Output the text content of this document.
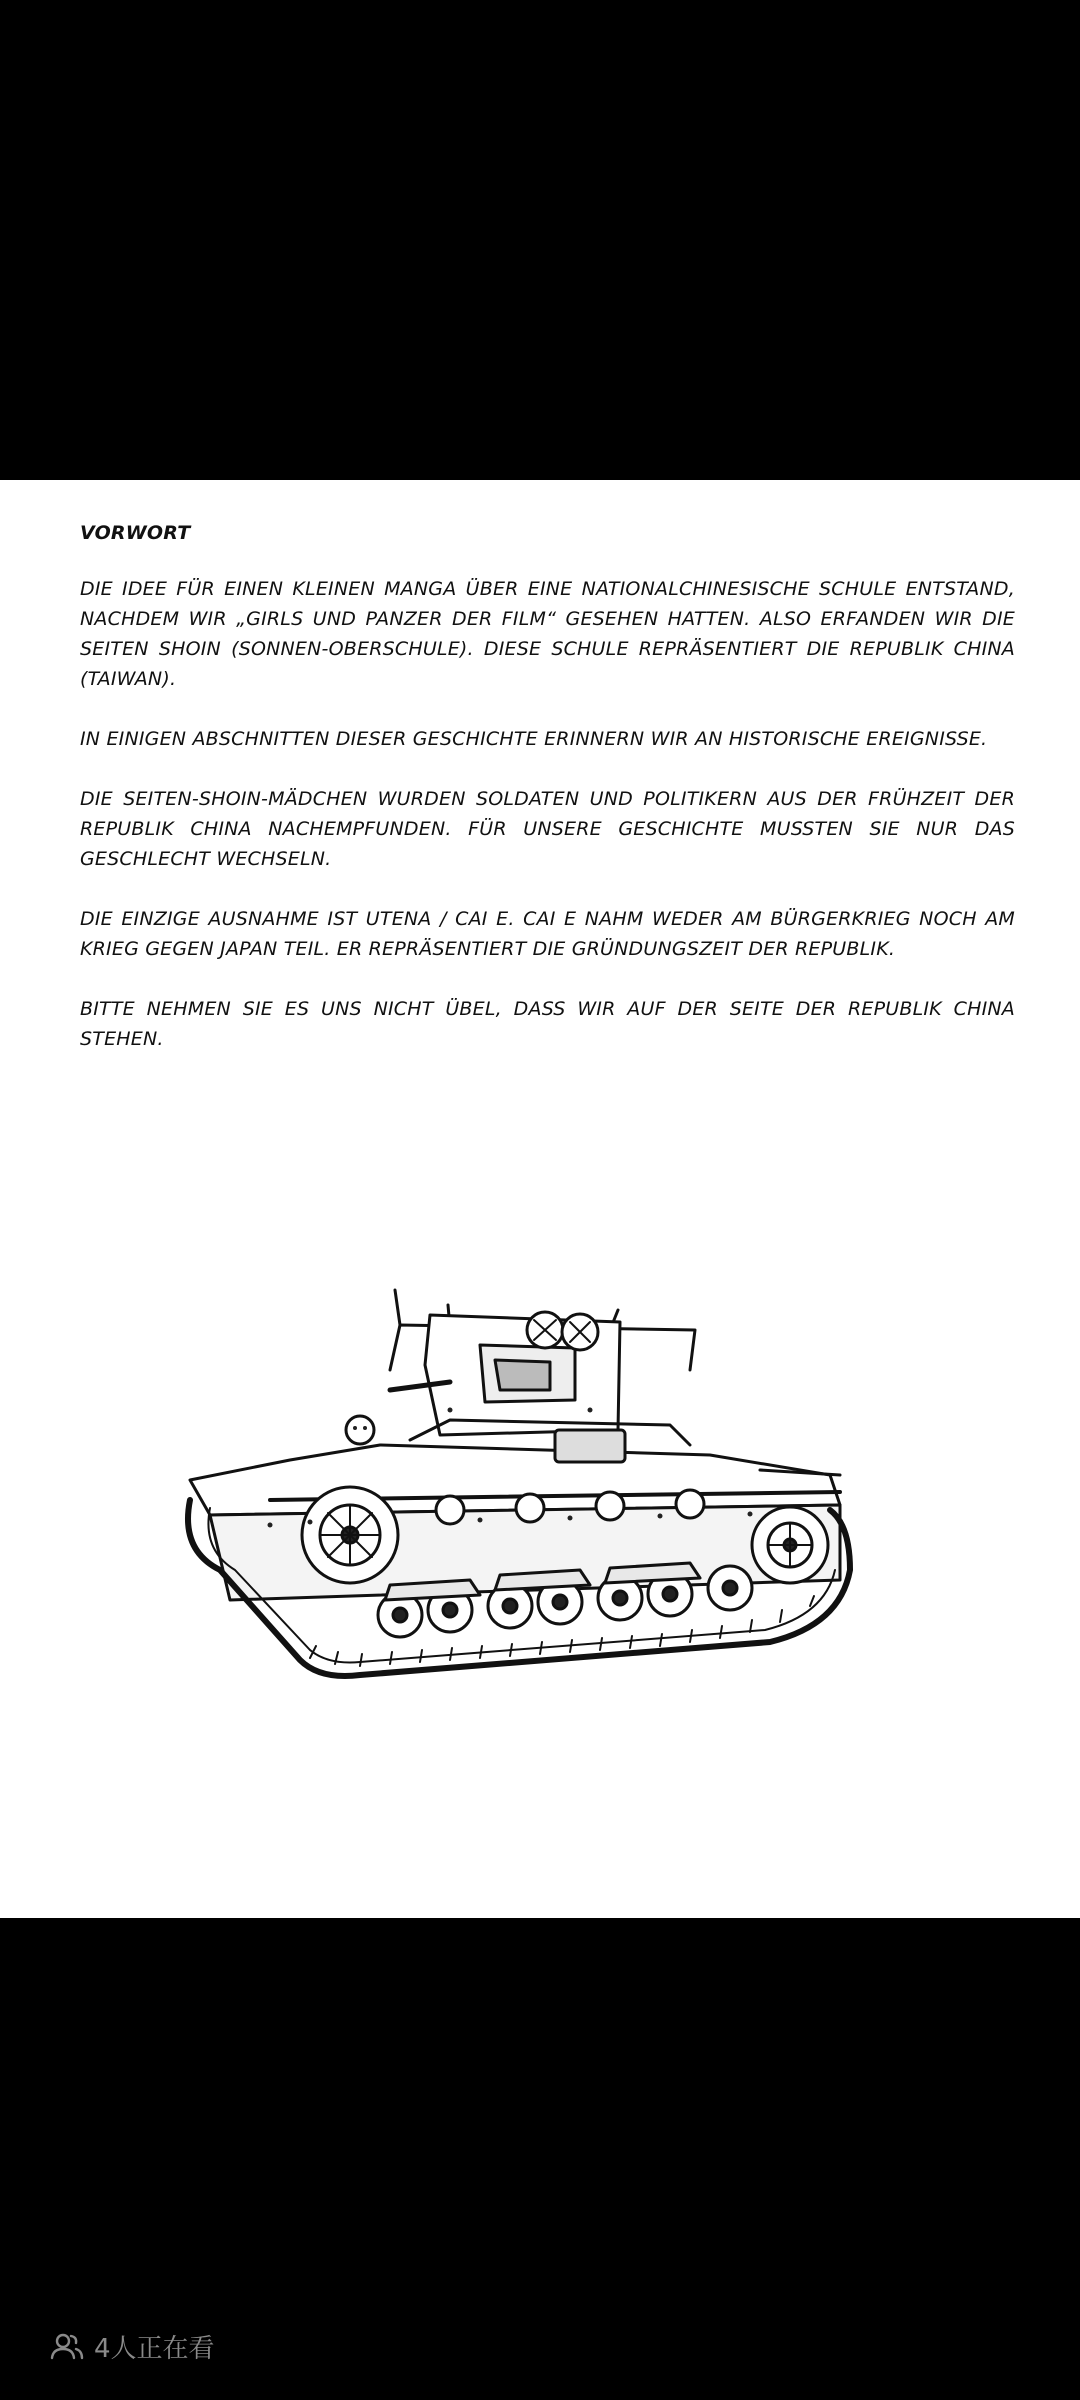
VORWORT

DIE IDEE FÜR EINEN KLEINEN MANGA ÜBER EINE NATIONALCHINESISCHE SCHULE ENTSTAND, NACHDEM WIR „GIRLS UND PANZER DER FILM“ GESEHEN HATTEN. ALSO ERFANDEN WIR DIE SEITEN SHOIN (SONNEN-OBERSCHULE). DIESE SCHULE REPRÄSENTIERT DIE REPUBLIK CHINA (TAIWAN).

IN EINIGEN ABSCHNITTEN DIESER GESCHICHTE ERINNERN WIR AN HISTORISCHE EREIGNISSE.

DIE SEITEN-SHOIN-MÄDCHEN WURDEN SOLDATEN UND POLITIKERN AUS DER FRÜHZEIT DER REPUBLIK CHINA NACHEMPFUNDEN. FÜR UNSERE GESCHICHTE MUSSTEN SIE NUR DAS GESCHLECHT WECHSELN.

DIE EINZIGE AUSNAHME IST UTENA / CAI E. CAI E NAHM WEDER AM BÜRGERKRIEG NOCH AM KRIEG GEGEN JAPAN TEIL. ER REPRÄSENTIERT DIE GRÜNDUNGSZEIT DER REPUBLIK.

BITTE NEHMEN SIE ES UNS NICHT ÜBEL, DASS WIR AUF DER SEITE DER REPUBLIK CHINA STEHEN.

4人正在看
